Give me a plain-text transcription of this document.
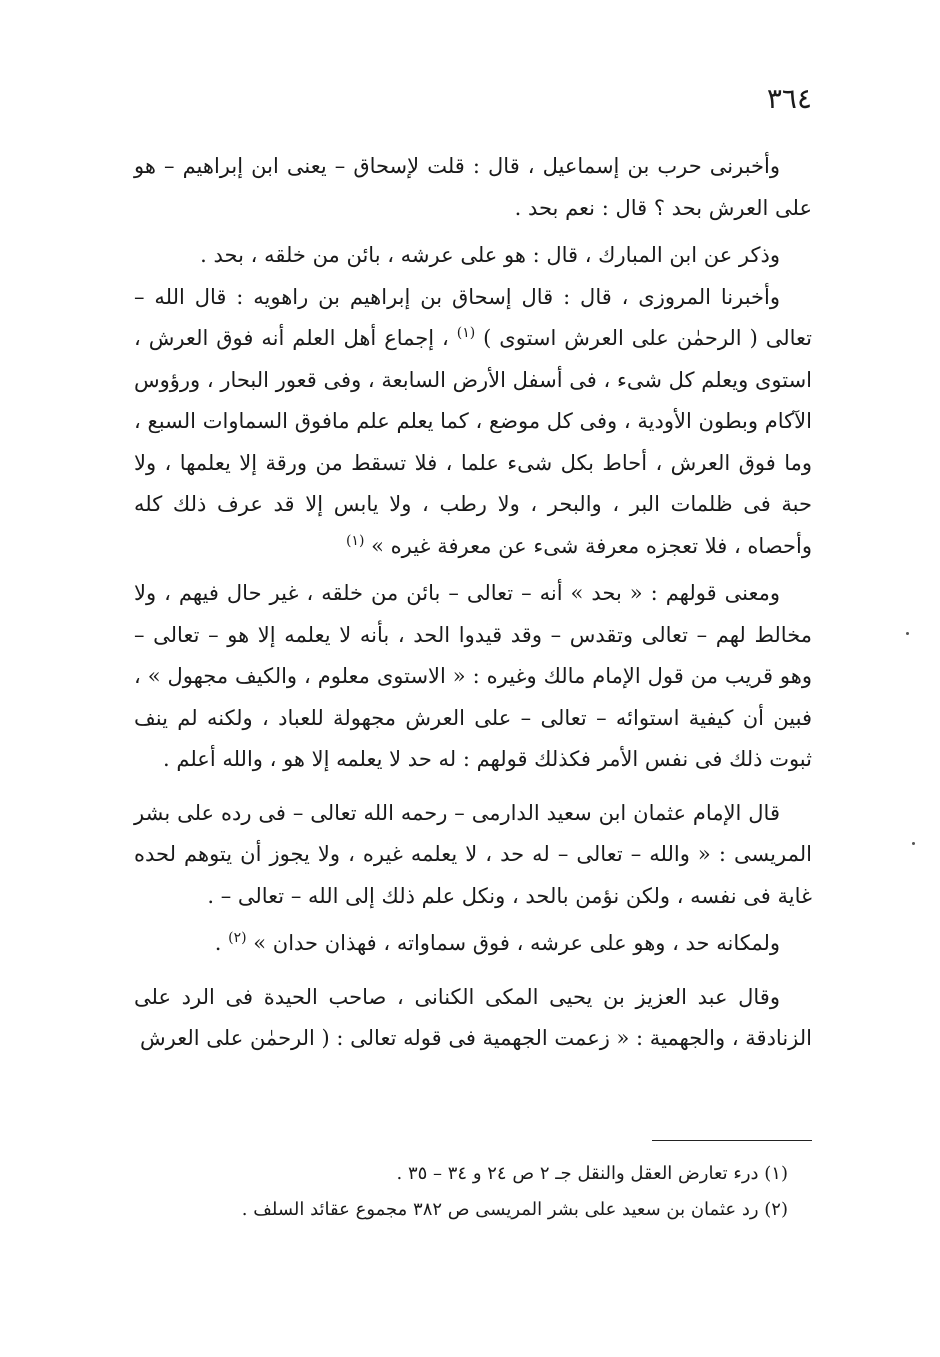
٣٦٤

وأخبرنى حرب بن إسماعيل ، قال : قلت لإسحاق – يعنى ابن إبراهيم – هو على العرش بحد ؟ قال : نعم بحد .

وذكر عن ابن المبارك ، قال : هو على عرشه ، بائن من خلقه ، بحد .

وأخبرنا المروزى ، قال : قال إسحاق بن إبراهيم بن راهويه : قال الله – تعالى ( الرحمٰن على العرش استوى ) $^{(١)}$ ، إجماع أهل العلم أنه فوق العرش ، استوى ويعلم كل شىء ، فى أسفل الأرض السابعة ، وفى قعور البحار ، ورؤوس الآكام وبطون الأودية ، وفى كل موضع ، كما يعلم علم مافوق السماوات السبع ، وما فوق العرش ، أحاط بكل شىء علما ، فلا تسقط من ورقة إلا يعلمها ، ولا حبة فى ظلمات البر ، والبحر ، ولا رطب ، ولا يابس إلا قد عرف ذلك كله وأحصاه ، فلا تعجزه معرفة شىء عن معرفة غيره » $^{(١)}$

ومعنى قولهم : « بحد » أنه – تعالى – بائن من خلقه ، غير حال فيهم ، ولا مخالط لهم – تعالى وتقدس – وقد قيدوا الحد ، بأنه لا يعلمه إلا هو – تعالى – وهو قريب من قول الإمام مالك وغيره : « الاستوى معلوم ، والكيف مجهول » ، فبين أن كيفية استوائه – تعالى – على العرش مجهولة للعباد ، ولكنه لم ينف ثبوت ذلك فى نفس الأمر فكذلك قولهم : له حد لا يعلمه إلا هو ، والله أعلم .

قال الإمام عثمان ابن سعيد الدارمى – رحمه الله تعالى – فى رده على بشر المريسى : « والله – تعالى – له حد ، لا يعلمه غيره ، ولا يجوز أن يتوهم لحده غاية فى نفسه ، ولكن نؤمن بالحد ، ونكل علم ذلك إلى الله – تعالى – .

ولمكانه حد ، وهو على عرشه ، فوق سماواته ، فهذان حدان » $^{(٢)}$ .

وقال عبد العزيز بن يحيى المكى الكنانى ، صاحب الحيدة فى الرد على الزنادقة ، والجهمية : « زعمت الجهمية فى قوله تعالى : ( الرحمٰن على العرش

(١) درء تعارض العقل والنقل جـ ٢ ص ٢٤ و ٣٤ – ٣٥ .

(٢) رد عثمان بن سعيد على بشر المريسى ص ٣٨٢ مجموع عقائد السلف .
